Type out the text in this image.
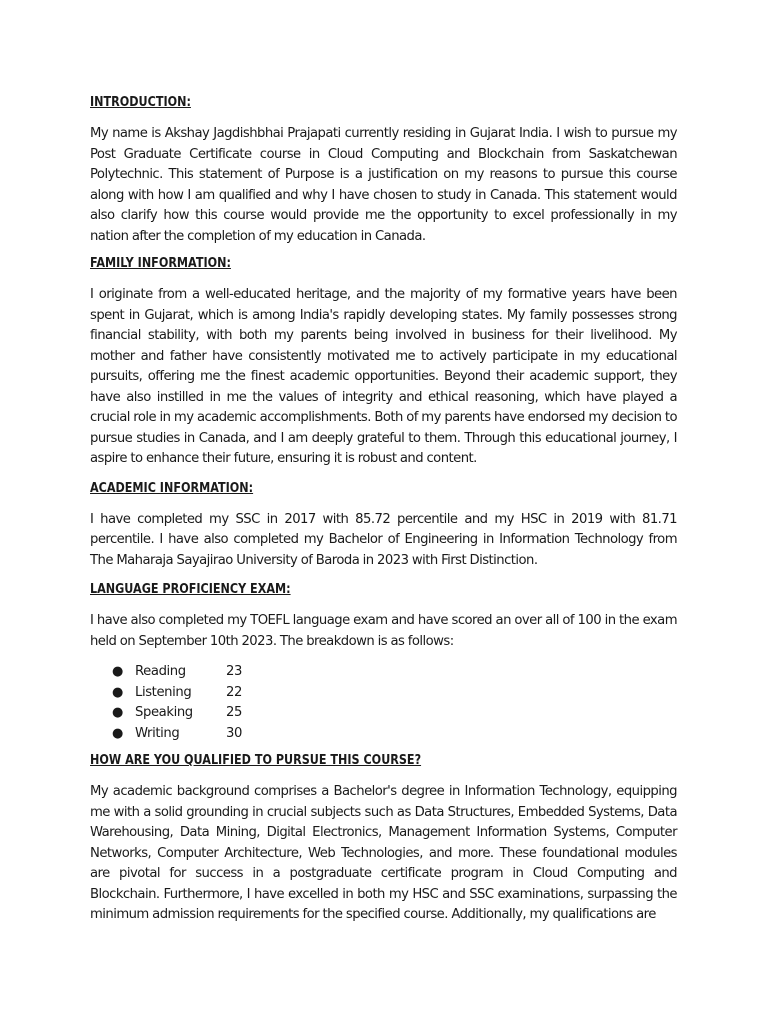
INTRODUCTION:

My name is Akshay Jagdishbhai Prajapati currently residing in Gujarat India. I wish to pursue my Post Graduate Certificate course in Cloud Computing and Blockchain from Saskatchewan Polytechnic. This statement of Purpose is a justification on my reasons to pursue this course along with how I am qualified and why I have chosen to study in Canada. This statement would also clarify how this course would provide me the opportunity to excel professionally in my nation after the completion of my education in Canada.

FAMILY INFORMATION:

I originate from a well-educated heritage, and the majority of my formative years have been spent in Gujarat, which is among India's rapidly developing states. My family possesses strong financial stability, with both my parents being involved in business for their livelihood. My mother and father have consistently motivated me to actively participate in my educational pursuits, offering me the finest academic opportunities. Beyond their academic support, they have also instilled in me the values of integrity and ethical reasoning, which have played a crucial role in my academic accomplishments. Both of my parents have endorsed my decision to pursue studies in Canada, and I am deeply grateful to them. Through this educational journey, I aspire to enhance their future, ensuring it is robust and content.

ACADEMIC INFORMATION:

I have completed my SSC in 2017 with 85.72 percentile and my HSC in 2019 with 81.71 percentile. I have also completed my Bachelor of Engineering in Information Technology from The Maharaja Sayajirao University of Baroda in 2023 with First Distinction.

LANGUAGE PROFICIENCY EXAM:

I have also completed my TOEFL language exam and have scored an over all of 100 in the exam held on September 10th 2023. The breakdown is as follows:

● Reading	23
● Listening	22
● Speaking	25
● Writing	30
HOW ARE YOU QUALIFIED TO PURSUE THIS COURSE?

My academic background comprises a Bachelor's degree in Information Technology, equipping me with a solid grounding in crucial subjects such as Data Structures, Embedded Systems, Data Warehousing, Data Mining, Digital Electronics, Management Information Systems, Computer Networks, Computer Architecture, Web Technologies, and more. These foundational modules are pivotal for success in a postgraduate certificate program in Cloud Computing and Blockchain. Furthermore, I have excelled in both my HSC and SSC examinations, surpassing the minimum admission requirements for the specified course. Additionally, my qualifications are
